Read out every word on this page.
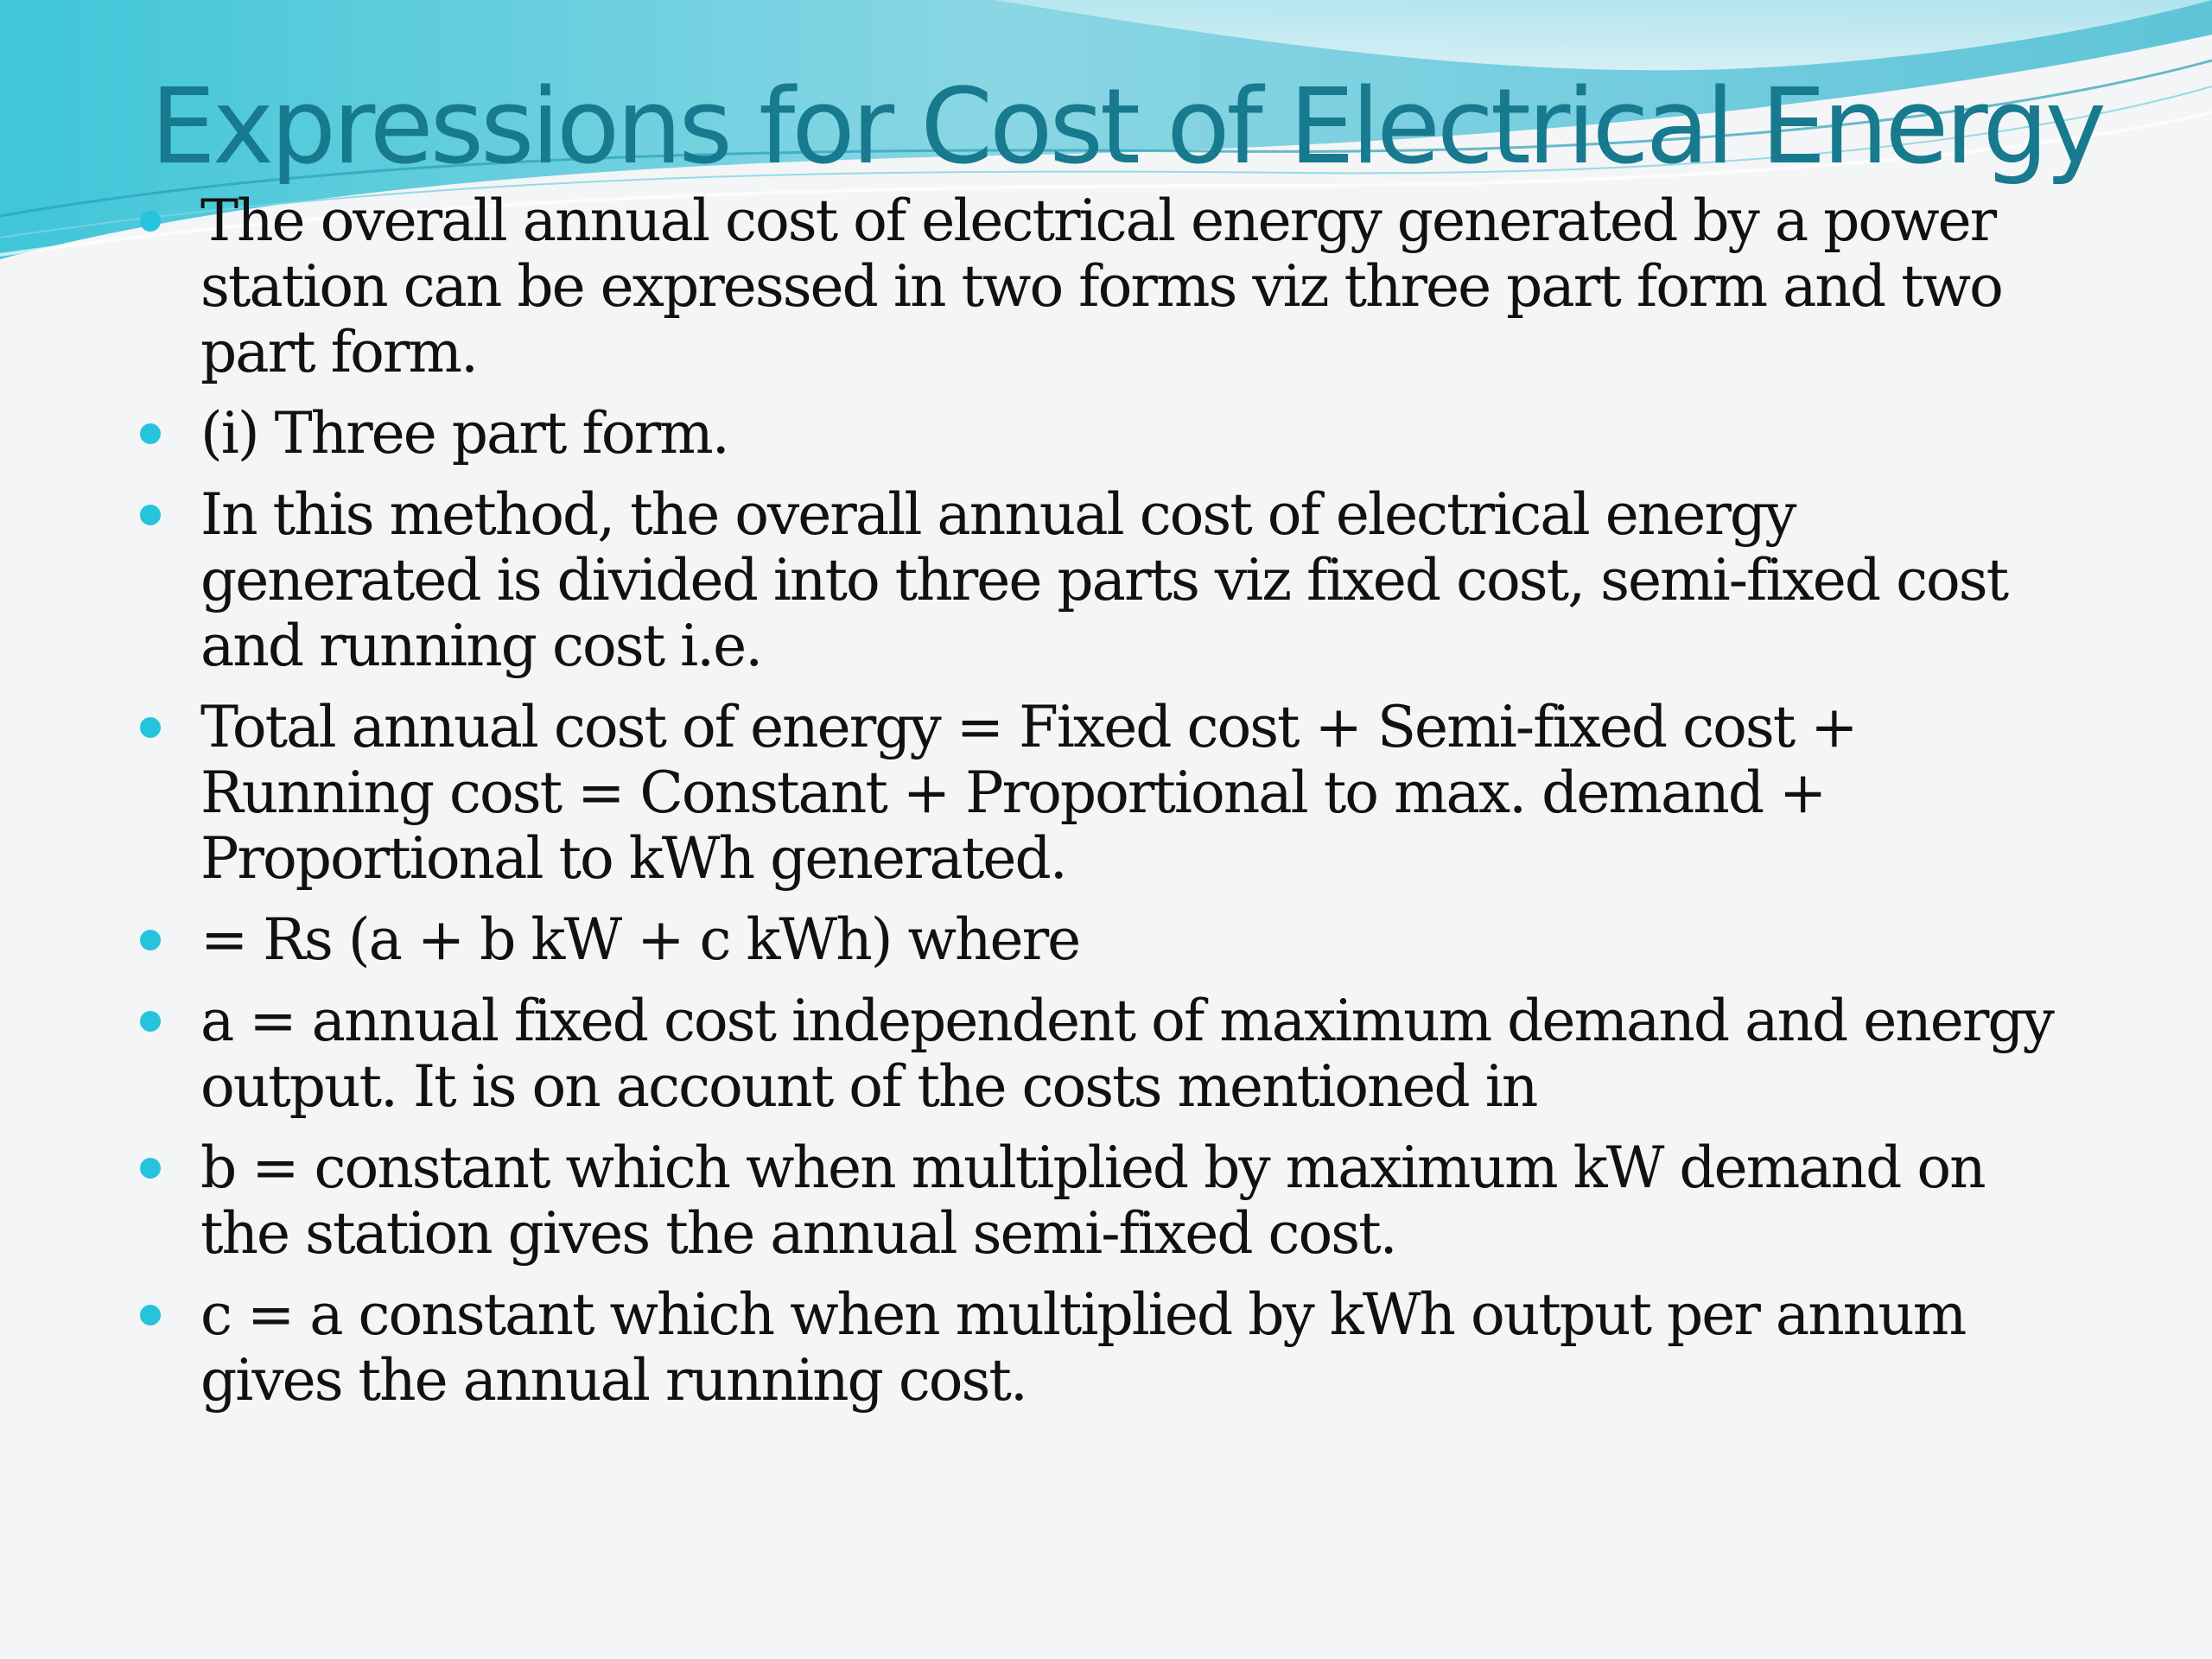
Expressions for Cost of Electrical Energy
The overall annual cost of electrical energy generated by a power station can be expressed in two forms viz three part form and two part form.
(i) Three part form.
In this method, the overall annual cost of electrical energy generated is divided into three parts viz fixed cost, semi-fixed cost and running cost i.e.
Total annual cost of energy = Fixed cost + Semi-fixed cost + Running cost = Constant + Proportional to max. demand + Proportional to kWh generated.
= Rs (a + b kW + c kWh) where
a = annual fixed cost independent of maximum demand and energy output. It is on account of the costs mentioned in
b = constant which when multiplied by maximum kW demand on the station gives the annual semi-fixed cost.
c = a constant which when multiplied by kWh output per annum gives the annual running cost.
